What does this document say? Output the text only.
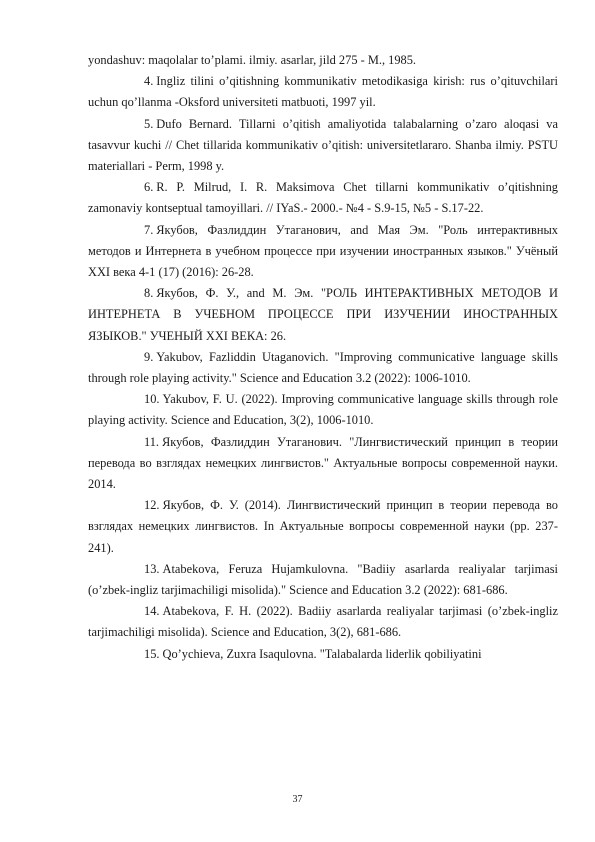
yondashuv: maqolalar to’plami. ilmiy. asarlar, jild 275 - M., 1985.

4. Ingliz tilini o’qitishning kommunikativ metodikasiga kirish: rus o’qituvchilari uchun qo’llanma -Oksford universiteti matbuoti, 1997 yil.

5. Dufo Bernard. Tillarni o’qitish amaliyotida talabalarning o’zaro aloqasi va tasavvur kuchi // Chet tillarida kommunikativ o’qitish: universitetlararo. Shanba ilmiy. PSTU materiallari - Perm, 1998 y.

6. R. P. Milrud, I. R. Maksimova Chet tillarni kommunikativ o’qitishning zamonaviy kontseptual tamoyillari. // IYaS.- 2000.- №4 - S.9-15, №5 - S.17-22.

7. Якубов, Фазлиддин Утаганович, and Мая Эм. "Роль интерактивных методов и Интернета в учебном процессе при изучении иностранных языков." Учёный XXI века 4-1 (17) (2016): 26-28.

8. Якубов, Ф. У., and М. Эм. "РОЛЬ ИНТЕРАКТИВНЫХ МЕТОДОВ И ИНТЕРНЕТА В УЧЕБНОМ ПРОЦЕССЕ ПРИ ИЗУЧЕНИИ ИНОСТРАННЫХ ЯЗЫКОВ." УЧЕНЫЙ XXI ВЕКА: 26.

9. Yakubov, Fazliddin Utaganovich. "Improving communicative language skills through role playing activity." Science and Education 3.2 (2022): 1006-1010.

10. Yakubov, F. U. (2022). Improving communicative language skills through role playing activity. Science and Education, 3(2), 1006-1010.

11. Якубов, Фазлиддин Утаганович. "Лингвистический принцип в теории перевода во взглядах немецких лингвистов." Актуальные вопросы современной науки. 2014.

12. Якубов, Ф. У. (2014). Лингвистический принцип в теории перевода во взглядах немецких лингвистов. In Актуальные вопросы современной науки (pp. 237-241).

13. Atabekova, Feruza Hujamkulovna. "Badiiy asarlarda realiyalar tarjimasi (o’zbek-ingliz tarjimachiligi misolida)." Science and Education 3.2 (2022): 681-686.

14. Atabekova, F. H. (2022). Badiiy asarlarda realiyalar tarjimasi (o’zbek-ingliz tarjimachiligi misolida). Science and Education, 3(2), 681-686.

15. Qo’ychieva, Zuxra Isaqulovna. "Talabalarda liderlik qobiliyatini

37
